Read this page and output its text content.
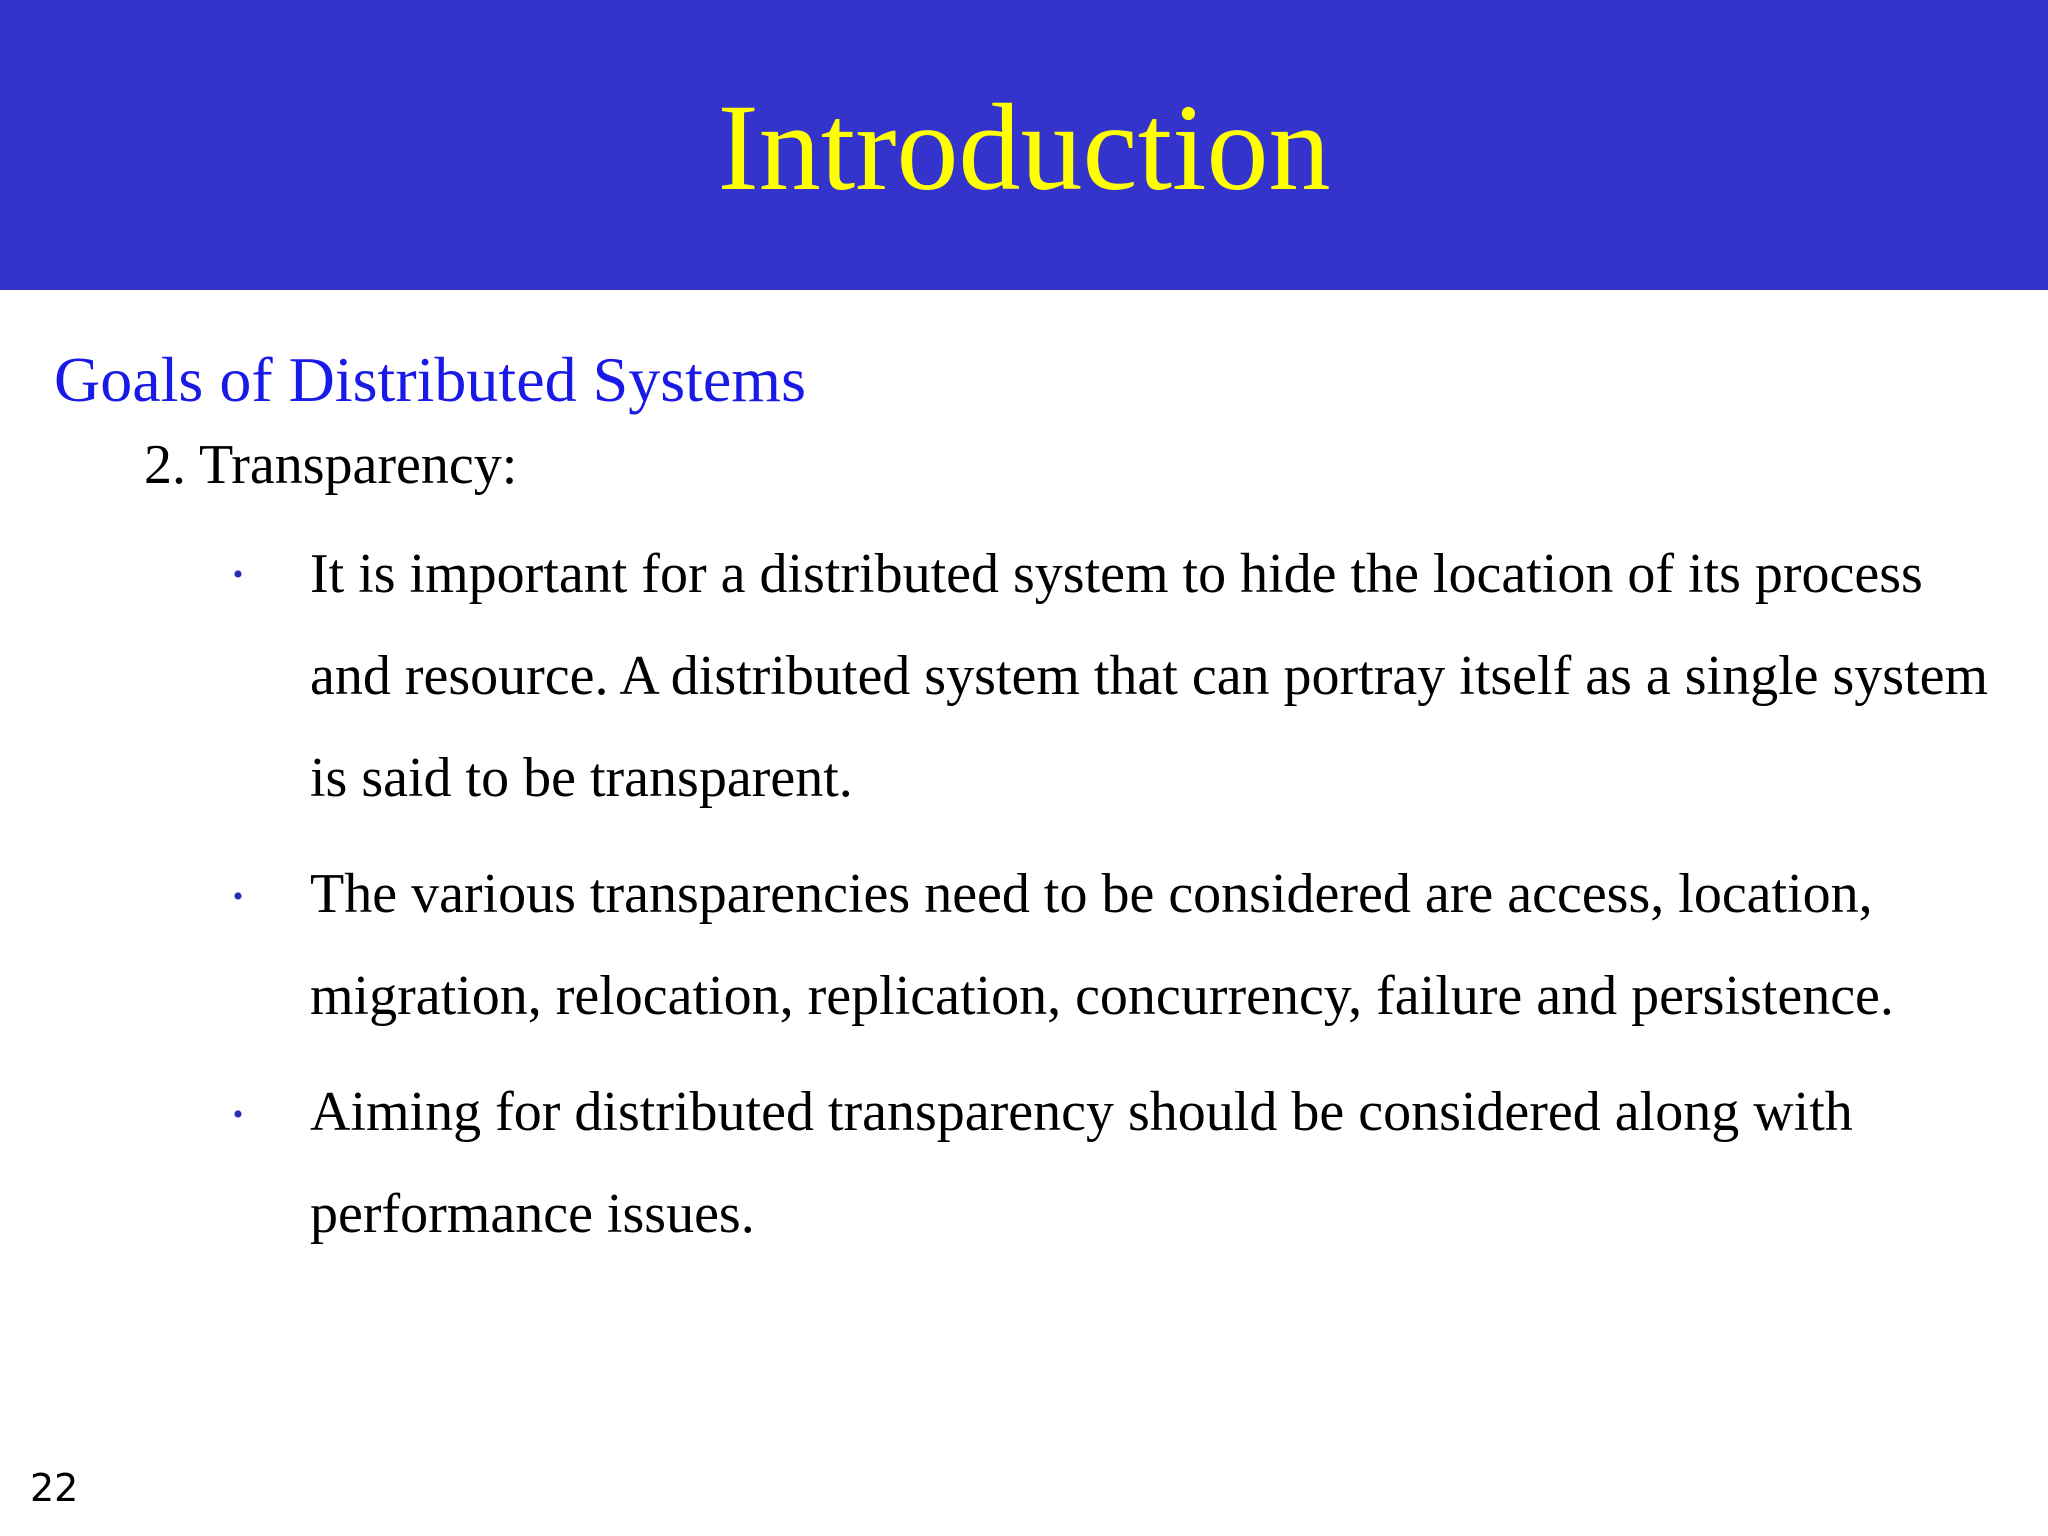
Introduction
Goals of Distributed Systems
2. Transparency:
• It is important for a distributed system to hide the location of its process and resource. A distributed system that can portray itself as a single system is said to be transparent.
• The various transparencies need to be considered are access, location, migration, relocation, replication, concurrency, failure and persistence.
• Aiming for distributed transparency should be considered along with performance issues.
22
